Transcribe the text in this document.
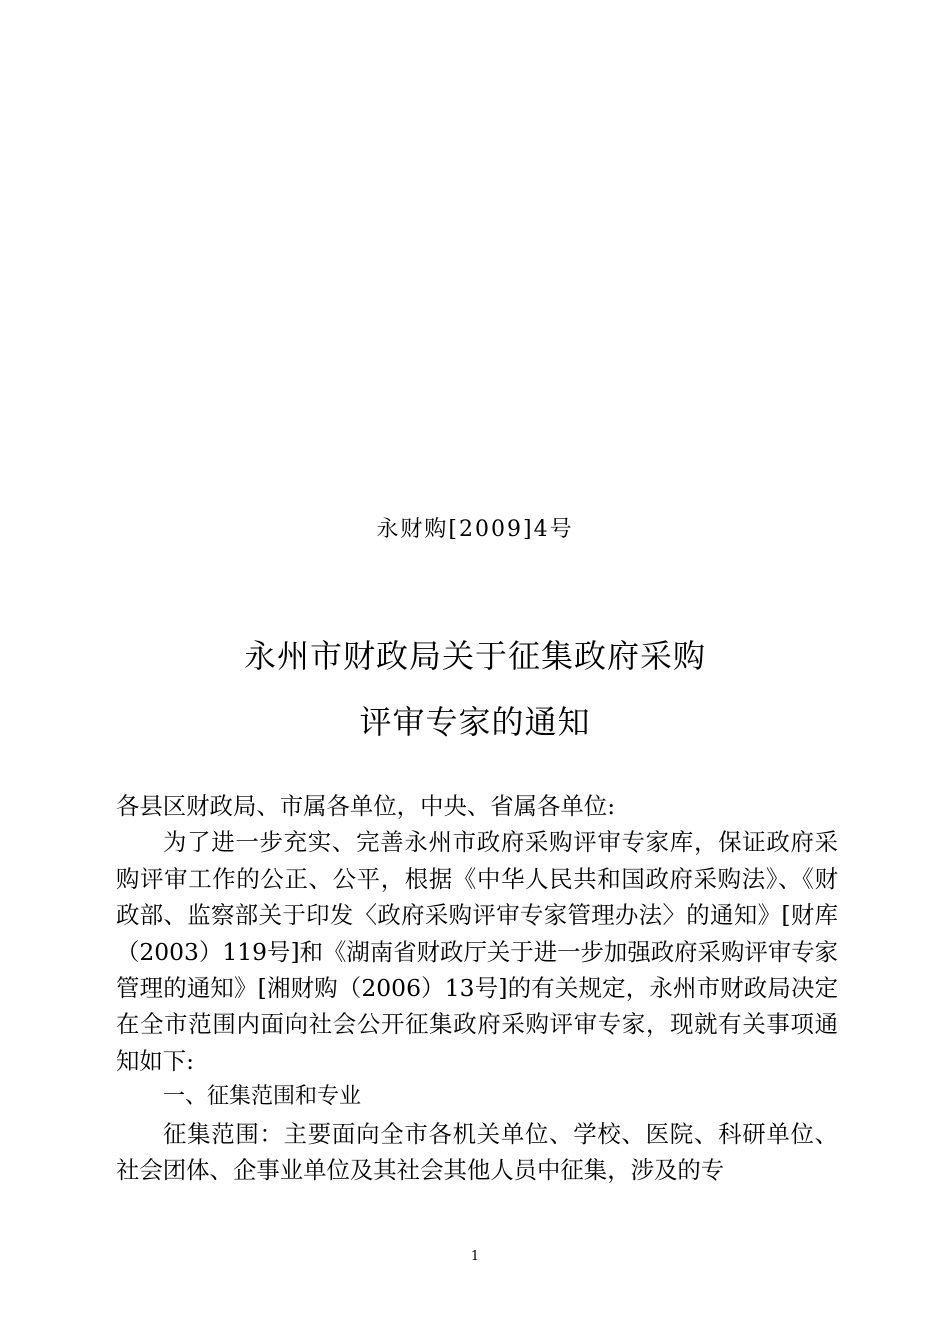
永财购[2009]4号
永州市财政局关于征集政府采购
评审专家的通知

各县区财政局、市属各单位，中央、省属各单位:

为了进一步充实、完善永州市政府采购评审专家库，保证政府采购评审工作的公正、公平，根据《中华人民共和国政府采购法》、《财政部、监察部关于印发〈政府采购评审专家管理办法〉的通知》[财库（2003）119号]和《湖南省财政厅关于进一步加强政府采购评审专家管理的通知》[湘财购（2006）13号]的有关规定，永州市财政局决定在全市范围内面向社会公开征集政府采购评审专家，现就有关事项通知如下:

一、征集范围和专业

征集范围：主要面向全市各机关单位、学校、医院、科研单位、社会团体、企事业单位及其社会其他人员中征集，涉及的专

1
